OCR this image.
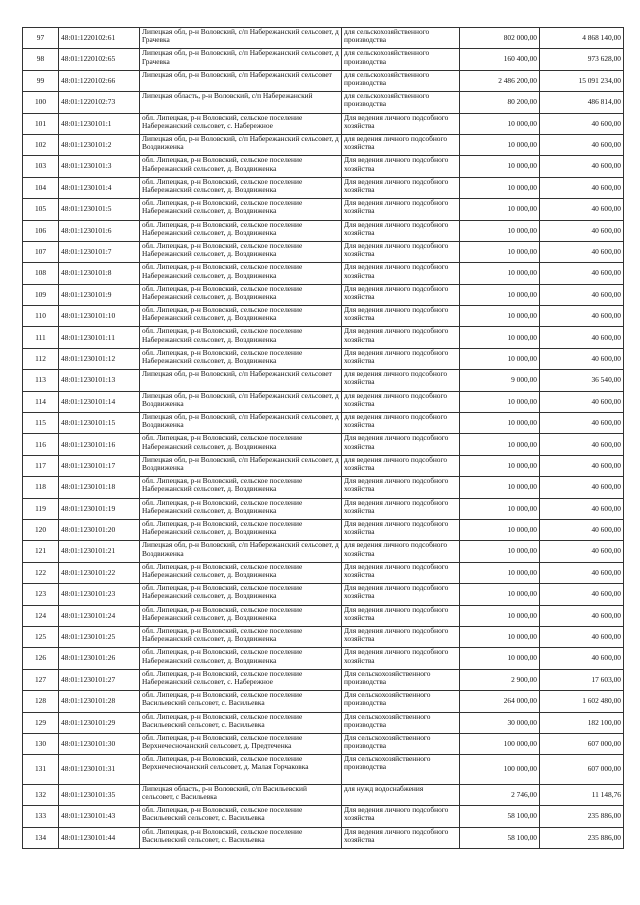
97	48:01:1220102:61	Липецкая обл, р-н Воловский, с/п Набережанский сельсовет, д Грачевка	для сельскохозяйственного производства	802 000,00	4 868 140,00
98	48:01:1220102:65	Липецкая обл, р-н Воловский, с/п Набережанский сельсовет, д Грачевка	для сельскохозяйственного производства	160 400,00	973 628,00
99	48:01:1220102:66	Липецкая обл, р-н Воловский, с/п Набережанский сельсовет	для сельскохозяйственного производства	2 486 200,00	15 091 234,00
100	48:01:1220102:73	Липецкая область, р-н Воловский, с/п Набережанский	для сельскохозяйственного производства	80 200,00	486 814,00
101	48:01:1230101:1	обл. Липецкая, р-н Воловский, сельское поселение Набережанский сельсовет, с. Набережное	Для ведения личного подсобного хозяйства	10 000,00	40 600,00
102	48:01:1230101:2	Липецкая обл, р-н Воловский, с/п Набережанский сельсовет, д Воздвиженка	для ведения личного подсобного хозяйства	10 000,00	40 600,00
103	48:01:1230101:3	обл. Липецкая, р-н Воловский, сельское поселение Набережанский сельсовет, д. Воздвиженка	Для ведения личного подсобного хозяйства	10 000,00	40 600,00
104	48:01:1230101:4	обл. Липецкая, р-н Воловский, сельское поселение Набережанский сельсовет, д. Воздвиженка	Для ведения личного подсобного хозяйства	10 000,00	40 600,00
105	48:01:1230101:5	обл. Липецкая, р-н Воловский, сельское поселение Набережанский сельсовет, д. Воздвиженка	Для ведения личного подсобного хозяйства	10 000,00	40 600,00
106	48:01:1230101:6	обл. Липецкая, р-н Воловский, сельское поселение Набережанский сельсовет, д. Воздвиженка	Для ведения личного подсобного хозяйства	10 000,00	40 600,00
107	48:01:1230101:7	обл. Липецкая, р-н Воловский, сельское поселение Набережанский сельсовет, д. Воздвиженка	Для ведения личного подсобного хозяйства	10 000,00	40 600,00
108	48:01:1230101:8	обл. Липецкая, р-н Воловский, сельское поселение Набережанский сельсовет, д. Воздвиженка	Для ведения личного подсобного хозяйства	10 000,00	40 600,00
109	48:01:1230101:9	обл. Липецкая, р-н Воловский, сельское поселение Набережанский сельсовет, д. Воздвиженка	Для ведения личного подсобного хозяйства	10 000,00	40 600,00
110	48:01:1230101:10	обл. Липецкая, р-н Воловский, сельское поселение Набережанский сельсовет, д. Воздвиженка	Для ведения личного подсобного хозяйства	10 000,00	40 600,00
111	48:01:1230101:11	обл. Липецкая, р-н Воловский, сельское поселение Набережанский сельсовет, д. Воздвиженка	Для ведения личного подсобного хозяйства	10 000,00	40 600,00
112	48:01:1230101:12	обл. Липецкая, р-н Воловский, сельское поселение Набережанский сельсовет, д. Воздвиженка	Для ведения личного подсобного хозяйства	10 000,00	40 600,00
113	48:01:1230101:13	Липецкая обл, р-н Воловский, с/п Набережанский сельсовет	для ведения личного подсобного хозяйства	9 000,00	36 540,00
114	48:01:1230101:14	Липецкая обл, р-н Воловский, с/п Набережанский сельсовет, д Воздвиженка	для ведения личного подсобного хозяйства	10 000,00	40 600,00
115	48:01:1230101:15	Липецкая обл, р-н Воловский, с/п Набережанский сельсовет, д Воздвиженка	для ведения личного подсобного хозяйства	10 000,00	40 600,00
116	48:01:1230101:16	обл. Липецкая, р-н Воловский, сельское поселение Набережанский сельсовет, д. Воздвиженка	Для ведения личного подсобного хозяйства	10 000,00	40 600,00
117	48:01:1230101:17	Липецкая обл, р-н Воловский, с/п Набережанский сельсовет, д Воздвиженка	для ведения личного подсобного хозяйства	10 000,00	40 600,00
118	48:01:1230101:18	обл. Липецкая, р-н Воловский, сельское поселение Набережанский сельсовет, д. Воздвиженка	Для ведения личного подсобного хозяйства	10 000,00	40 600,00
119	48:01:1230101:19	обл. Липецкая, р-н Воловский, сельское поселение Набережанский сельсовет, д. Воздвиженка	Для ведения личного подсобного хозяйства	10 000,00	40 600,00
120	48:01:1230101:20	обл. Липецкая, р-н Воловский, сельское поселение Набережанский сельсовет, д. Воздвиженка	Для ведения личного подсобного хозяйства	10 000,00	40 600,00
121	48:01:1230101:21	Липецкая обл, р-н Воловский, с/п Набережанский сельсовет, д Воздвиженка	для ведения личного подсобного хозяйства	10 000,00	40 600,00
122	48:01:1230101:22	обл. Липецкая, р-н Воловский, сельское поселение Набережанский сельсовет, д. Воздвиженка	Для ведения личного подсобного хозяйства	10 000,00	40 600,00
123	48:01:1230101:23	обл. Липецкая, р-н Воловский, сельское поселение Набережанский сельсовет, д. Воздвиженка	Для ведения личного подсобного хозяйства	10 000,00	40 600,00
124	48:01:1230101:24	обл. Липецкая, р-н Воловский, сельское поселение Набережанский сельсовет, д. Воздвиженка	Для ведения личного подсобного хозяйства	10 000,00	40 600,00
125	48:01:1230101:25	обл. Липецкая, р-н Воловский, сельское поселение Набережанский сельсовет, д. Воздвиженка	Для ведения личного подсобного хозяйства	10 000,00	40 600,00
126	48:01:1230101:26	обл. Липецкая, р-н Воловский, сельское поселение Набережанский сельсовет, д. Воздвиженка	Для ведения личного подсобного хозяйства	10 000,00	40 600,00
127	48:01:1230101:27	обл. Липецкая, р-н Воловский, сельское поселение Набережанский сельсовет, с. Набережное	Для сельскохозяйственного производства	2 900,00	17 603,00
128	48:01:1230101:28	обл. Липецкая, р-н Воловский, сельское поселение Васильевский сельсовет, с. Васильевка	Для сельскохозяйственного производства	264 000,00	1 602 480,00
129	48:01:1230101:29	обл. Липецкая, р-н Воловский, сельское поселение Васильевский сельсовет, с. Васильевка	Для сельскохозяйственного производства	30 000,00	182 100,00
130	48:01:1230101:30	обл. Липецкая, р-н Воловский, сельское поселение Верхнечесночанский сельсовет, д. Предтеченка	Для сельскохозяйственного производства	100 000,00	607 000,00
131	48:01:1230101:31	обл. Липецкая, р-н Воловский, сельское поселение Верхнечесночанский сельсовет, д. Малая Горчаковка	Для сельскохозяйственного производства	100 000,00	607 000,00
132	48:01:1230101:35	Липецкая область, р-н Воловский, с/п Васильевский сельсовет, с Васильевка	для нужд водоснабжения	2 746,00	11 148,76
133	48:01:1230101:43	обл. Липецкая, р-н Воловский, сельское поселение Васильевский сельсовет, с. Васильевка	Для ведения личного подсобного хозяйства	58 100,00	235 886,00
134	48:01:1230101:44	обл. Липецкая, р-н Воловский, сельское поселение Васильевский сельсовет, с. Васильевка	Для ведения личного подсобного хозяйства	58 100,00	235 886,00
